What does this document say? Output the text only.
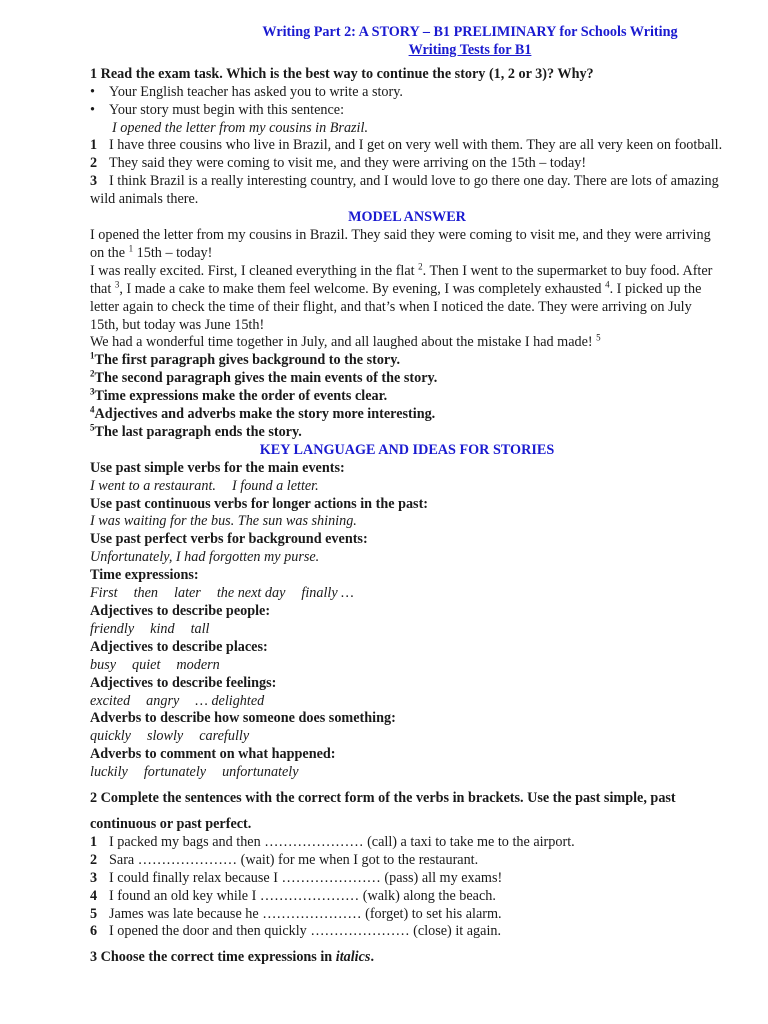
Writing Part 2: A STORY – B1 PRELIMINARY for Schools Writing
Writing Tests for B1
1 Read the exam task. Which is the best way to continue the story (1, 2 or 3)? Why?
• Your English teacher has asked you to write a story.
• Your story must begin with this sentence:
I opened the letter from my cousins in Brazil.
1 I have three cousins who live in Brazil, and I get on very well with them. They are all very keen on football.
2 They said they were coming to visit me, and they were arriving on the 15th – today!
3 I think Brazil is a really interesting country, and I would love to go there one day. There are lots of amazing wild animals there.
MODEL ANSWER
I opened the letter from my cousins in Brazil. They said they were coming to visit me, and they were arriving on the $^1$ 15th – today!
I was really excited. First, I cleaned everything in the flat $^2$. Then I went to the supermarket to buy food. After that $^3$, I made a cake to make them feel welcome. By evening, I was completely exhausted $^4$. I picked up the letter again to check the time of their flight, and that’s when I noticed the date. They were arriving on July 15th, but today was June 15th!
We had a wonderful time together in July, and all laughed about the mistake I had made! $^5$
$^1$The first paragraph gives background to the story.
$^2$The second paragraph gives the main events of the story.
$^3$Time expressions make the order of events clear.
$^4$Adjectives and adverbs make the story more interesting.
$^5$The last paragraph ends the story.
KEY LANGUAGE AND IDEAS FOR STORIES
Use past simple verbs for the main events:
I went to a restaurant. I found a letter.
Use past continuous verbs for longer actions in the past:
I was waiting for the bus. The sun was shining.
Use past perfect verbs for background events:
Unfortunately, I had forgotten my purse.
Time expressions:
First then later the next day finally …
Adjectives to describe people:
friendly kind tall
Adjectives to describe places:
busy quiet modern
Adjectives to describe feelings:
excited angry … delighted
Adverbs to describe how someone does something:
quickly slowly carefully
Adverbs to comment on what happened:
luckily fortunately unfortunately
2 Complete the sentences with the correct form of the verbs in brackets. Use the past simple, past
continuous or past perfect.
1 I packed my bags and then ………………… (call) a taxi to take me to the airport.
2 Sara ………………… (wait) for me when I got to the restaurant.
3 I could finally relax because I ………………… (pass) all my exams!
4 I found an old key while I ………………… (walk) along the beach.
5 James was late because he ………………… (forget) to set his alarm.
6 I opened the door and then quickly ………………… (close) it again.
3 Choose the correct time expressions in italics.
